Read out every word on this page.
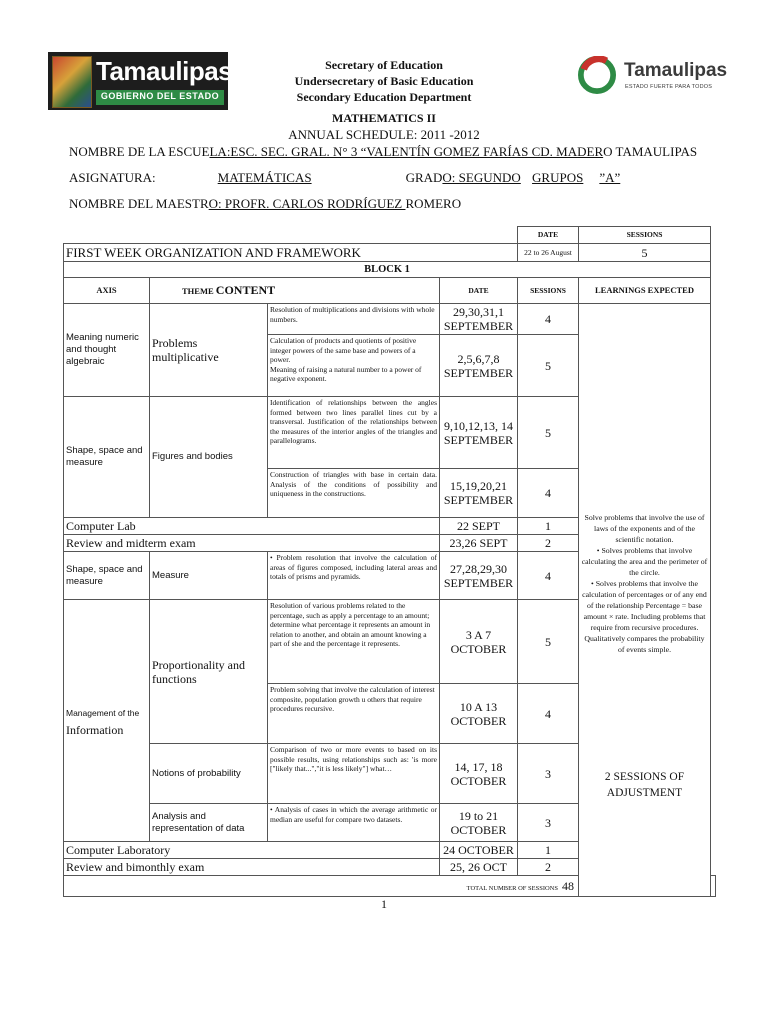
Tamaulipas
GOBIERNO DEL ESTADO
Tamaulipas
ESTADO FUERTE PARA TODOS
Secretary of Education
Undersecretary of Basic Education
Secondary Education Department
MATHEMATICS II
ANNUAL SCHEDULE: 2011 -2012
NOMBRE DE LA ESCUELA:ESC. SEC. GRAL. N° 3 “VALENTÍN GOMEZ FARÍAS CD. MADERO TAMAULIPAS
ASIGNATURA:	MATEMÁTICAS	GRADO: SEGUNDO GRUPOS ”A”
NOMBRE DEL MAESTRO: PROFR. CARLOS RODRÍGUEZ ROMERO
				DATE	SESSIONS	
FIRST WEEK ORGANIZATION AND FRAMEWORK				22 to 26 August	5	
BLOCK 1						
AXIS	THEME CONTENT		DATE	SESSIONS	LEARNINGS EXPECTED	
Meaning numeric and thought algebraic	Problems multiplicative	Resolution of multiplications and divisions with whole numbers.	29,30,31,1 SEPTEMBER	4	Solve problems that involve the use of laws of the exponents and of the scientific notation.
• Solves problems that involve calculating the area and the perimeter of the circle.
• Solves problems that involve the calculation of percentages or of any end of the relationship Percentage = base amount × rate. Including problems that require from recursive procedures. Qualitatively compares the probability of events simple.
2 SESSIONS OF ADJUSTMENT	

		Calculation of products and quotients of positive integer powers of the same base and powers of a power.
Meaning of raising a natural number to a power of negative exponent.	2,5,6,7,8 SEPTEMBER	5		
Shape, space and measure	Figures and bodies	Identification of relationships between the angles formed between two lines parallel lines cut by a transversal. Justification of the relationships between the measures of the interior angles of the triangles and parallelograms.	9,10,12,13, 14 SEPTEMBER	5		
		Construction of triangles with base in certain data. Analysis of the conditions of possibility and uniqueness in the constructions.	15,19,20,21 SEPTEMBER	4		
Computer Lab			22 SEPT	1		
Review and midterm exam			23,26 SEPT	2		
Shape, space and measure	Measure	• Problem resolution that involve the calculation of areas of figures composed, including lateral areas and totals of prisms and pyramids.	27,28,29,30 SEPTEMBER	4		
Management of the
Information	Proportionality and functions	Resolution of various problems related to the percentage, such as apply a percentage to an amount; determine what percentage it represents an amount in relation to another, and obtain an amount knowing a part of she and the percentage it represents.	3 A 7 OCTOBER	5		
		Problem solving that involve the calculation of interest composite, population growth u others that require procedures recursive.	10 A 13 OCTOBER	4		
	Notions of probability	Comparison of two or more events to based on its possible results, using relationships such as: 'is more ["likely that...","it is less likely"] what…	14, 17, 18 OCTOBER	3		
	Analysis and representation of data	• Analysis of cases in which the average arithmetic or median are useful for compare two datasets.	19 to 21 OCTOBER	3		
Computer Laboratory			24 OCTOBER	1		
Review and bimonthly exam			25, 26 OCT	2		
TOTAL NUMBER OF SESSIONS 48						
1
